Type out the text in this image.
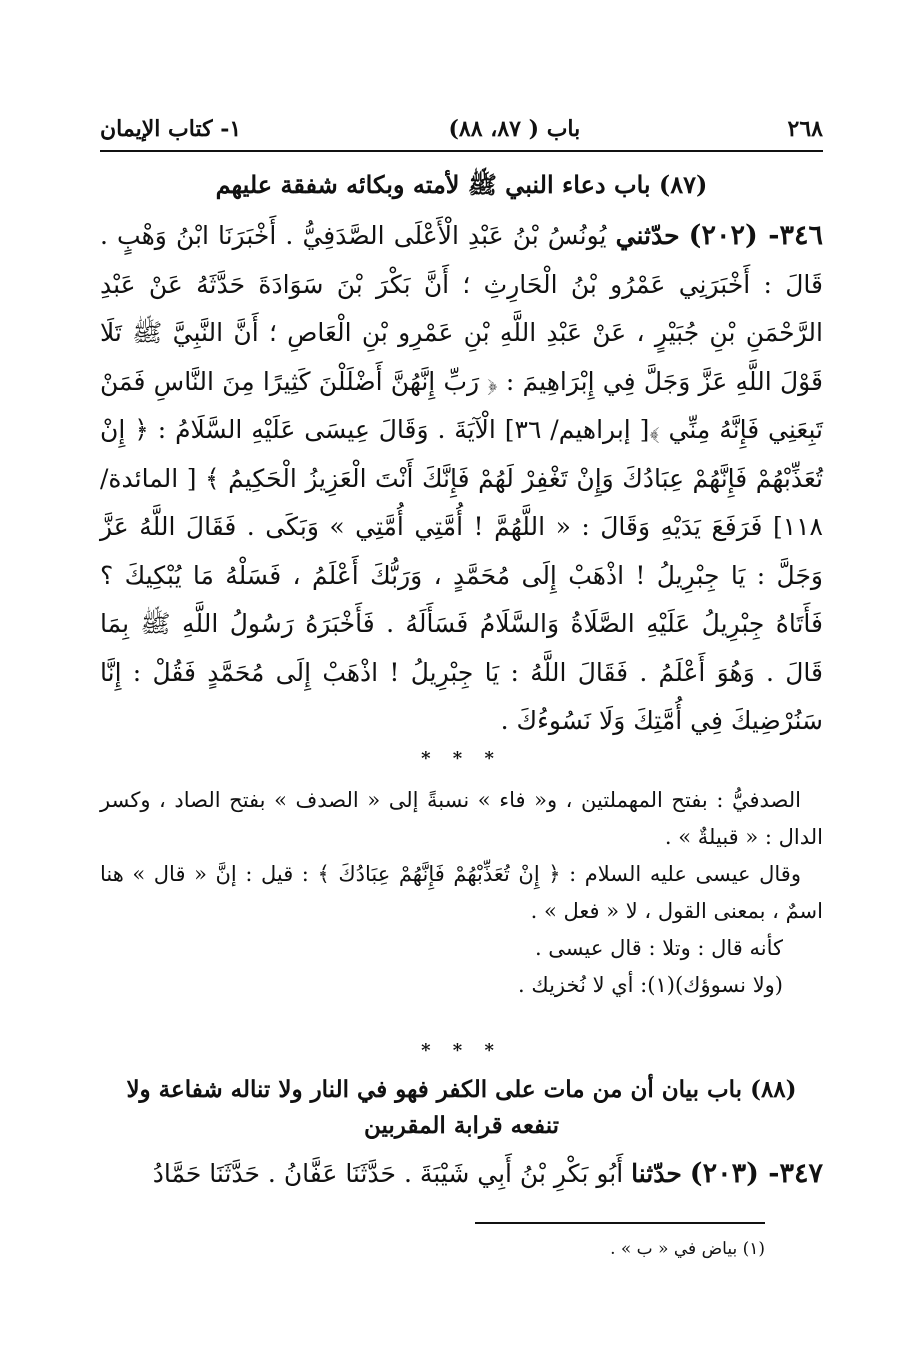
٢٦٨
باب ( ٨٧، ٨٨)
١- كتاب الإيمان
(٨٧) باب دعاء النبي ﷺ لأمته وبكائه شفقة عليهم
٣٤٦- (٢٠٢) حدّثني يُونُسُ بْنُ عَبْدِ الْأَعْلَى الصَّدَفِيُّ . أَخْبَرَنَا ابْنُ وَهْبٍ . قَالَ : أَخْبَرَنِي عَمْرُو بْنُ الْحَارِثِ ؛ أَنَّ بَكْرَ بْنَ سَوَادَةَ حَدَّثَهُ عَنْ عَبْدِ الرَّحْمَنِ بْنِ جُبَيْرٍ ، عَنْ عَبْدِ اللَّهِ بْنِ عَمْرِو بْنِ الْعَاصِ ؛ أَنَّ النَّبِيَّ ﷺ تَلَا قَوْلَ اللَّهِ عَزَّ وَجَلَّ فِي إِبْرَاهِيمَ : ﴿ رَبِّ إِنَّهُنَّ أَضْلَلْنَ كَثِيرًا مِنَ النَّاسِ فَمَنْ تَبِعَنِي فَإِنَّهُ مِنِّي ﴾[ إبراهيم/ ٣٦] الْآيَةَ . وَقَالَ عِيسَى عَلَيْهِ السَّلَامُ : ﴿ إِنْ تُعَذِّبْهُمْ فَإِنَّهُمْ عِبَادُكَ وَإِنْ تَغْفِرْ لَهُمْ فَإِنَّكَ أَنْتَ الْعَزِيزُ الْحَكِيمُ ﴾ [ المائدة/ ١١٨] فَرَفَعَ يَدَيْهِ وَقَالَ : « اللَّهُمَّ ! أُمَّتِي أُمَّتِي » وَبَكَى . فَقَالَ اللَّهُ عَزَّ وَجَلَّ : يَا جِبْرِيلُ ! اذْهَبْ إِلَى مُحَمَّدٍ ، وَرَبُّكَ أَعْلَمُ ، فَسَلْهُ مَا يُبْكِيكَ ؟ فَأَتَاهُ جِبْرِيلُ عَلَيْهِ الصَّلَاةُ وَالسَّلَامُ فَسَأَلَهُ . فَأَخْبَرَهُ رَسُولُ اللَّهِ ﷺ بِمَا قَالَ . وَهُوَ أَعْلَمُ . فَقَالَ اللَّهُ : يَا جِبْرِيلُ ! اذْهَبْ إِلَى مُحَمَّدٍ فَقُلْ : إِنَّا سَنُرْضِيكَ فِي أُمَّتِكَ وَلَا نَسُوءُكَ .
* * *

الصدفيُّ : بفتح المهملتين ، و« فاء » نسبةً إلى « الصدف » بفتح الصاد ، وكسر الدال : « قبيلةٌ » .

وقال عيسى عليه السلام : ﴿ إِنْ تُعَذِّبْهُمْ فَإِنَّهُمْ عِبَادُكَ ﴾ : قيل : إنَّ « قال » هنا اسمٌ ، بمعنى القول ، لا « فعل » .

كأنه قال : وتلا : قال عيسى .

(ولا نسوؤك)(١): أي لا نُخزيك .

* * *
(٨٨) باب بيان أن من مات على الكفر فهو في النار ولا تناله شفاعة ولا تنفعه قرابة المقربين
٣٤٧- (٢٠٣) حدّثنا أَبُو بَكْرِ بْنُ أَبِي شَيْبَةَ . حَدَّثَنَا عَفَّانُ . حَدَّثَنَا حَمَّادُ
(١) بياض في « ب » .
